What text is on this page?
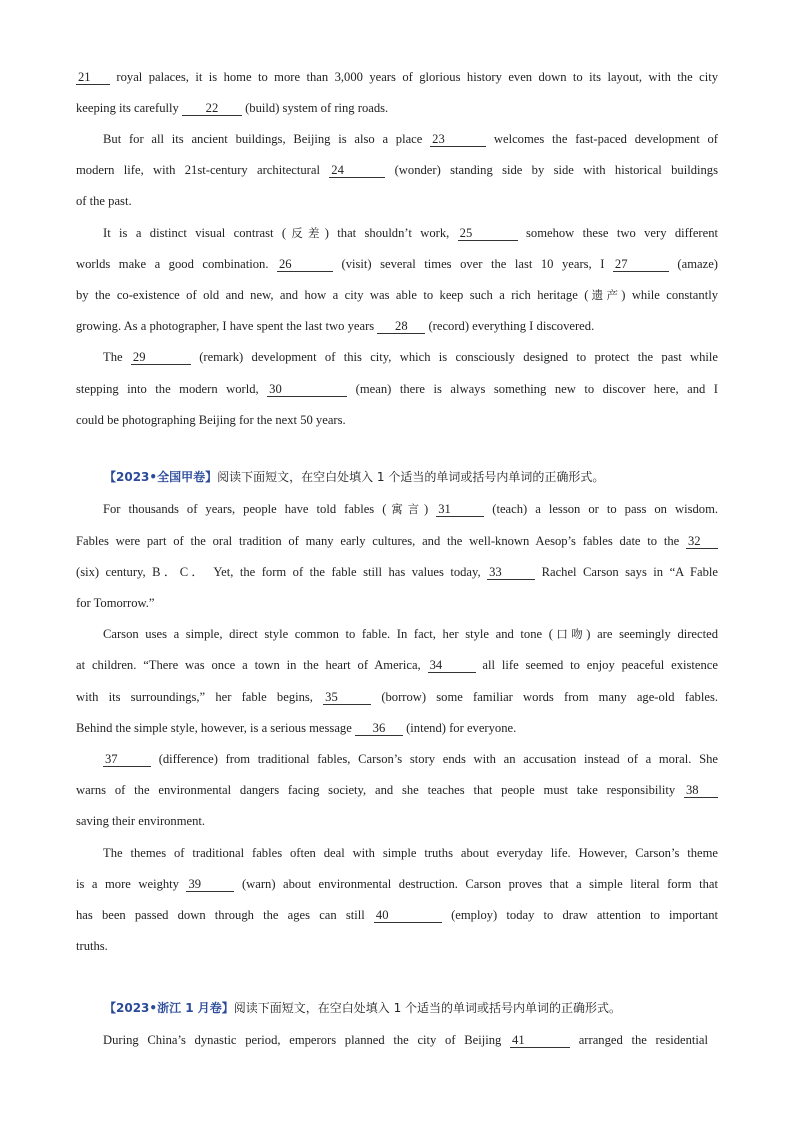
21 royal palaces, it is home to more than 3,000 years of glorious history even down to its layout, with the city
keeping its carefully 22 (build) system of ring roads.
But for all its ancient buildings, Beijing is also a place 23	welcomes the fast-paced development of
modern life, with 21st-century architectural 24	(wonder) standing side by side with historical buildings
of the past.
It is a distinct visual contrast (反差) that shouldn’t work, 25	somehow these two very different
worlds make a good combination. 26	(visit) several times over the last 10 years, I 27	(amaze)
by the co-existence of old and new, and how a city was able to keep such a rich heritage (遗产) while constantly
growing. As a photographer, I have spent the last two years 28 (record) everything I discovered.
The 29	(remark) development of this city, which is consciously designed to protect the past while
stepping into the modern world, 30	(mean) there is always something new to discover here, and I
could be photographing Beijing for the next 50 years.
【2023•全国甲卷】阅读下面短文，在空白处填入 1 个适当的单词或括号内单词的正确形式。
For thousands of years, people have told fables (寓言) 31	(teach) a lesson or to pass on wisdom.
Fables were part of the oral tradition of many early cultures, and the well-known Aesop’s fables date to the 32
(six) century, B．C． Yet, the form of the fable still has values today, 33	Rachel Carson says in “A Fable
for Tomorrow.”
Carson uses a simple, direct style common to fable. In fact, her style and tone (口吻) are seemingly directed
at children. “There was once a town in the heart of America, 34	all life seemed to enjoy peaceful existence
with its surroundings,” her fable begins, 35	(borrow) some familiar words from many age-old fables.
Behind the simple style, however, is a serious message 36 (intend) for everyone.
37	(difference) from traditional fables, Carson’s story ends with an accusation instead of a moral. She
warns of the environmental dangers facing society, and she teaches that people must take responsibility 38
saving their environment.
The themes of traditional fables often deal with simple truths about everyday life. However, Carson’s theme
is a more weighty 39	(warn) about environmental destruction. Carson proves that a simple literal form that
has been passed down through the ages can still 40	(employ) today to draw attention to important
truths.
【2023•浙江 1 月卷】阅读下面短文，在空白处填入 1 个适当的单词或括号内单词的正确形式。
During China’s dynastic period, emperors planned the city of Beijing 41	arranged the residential
